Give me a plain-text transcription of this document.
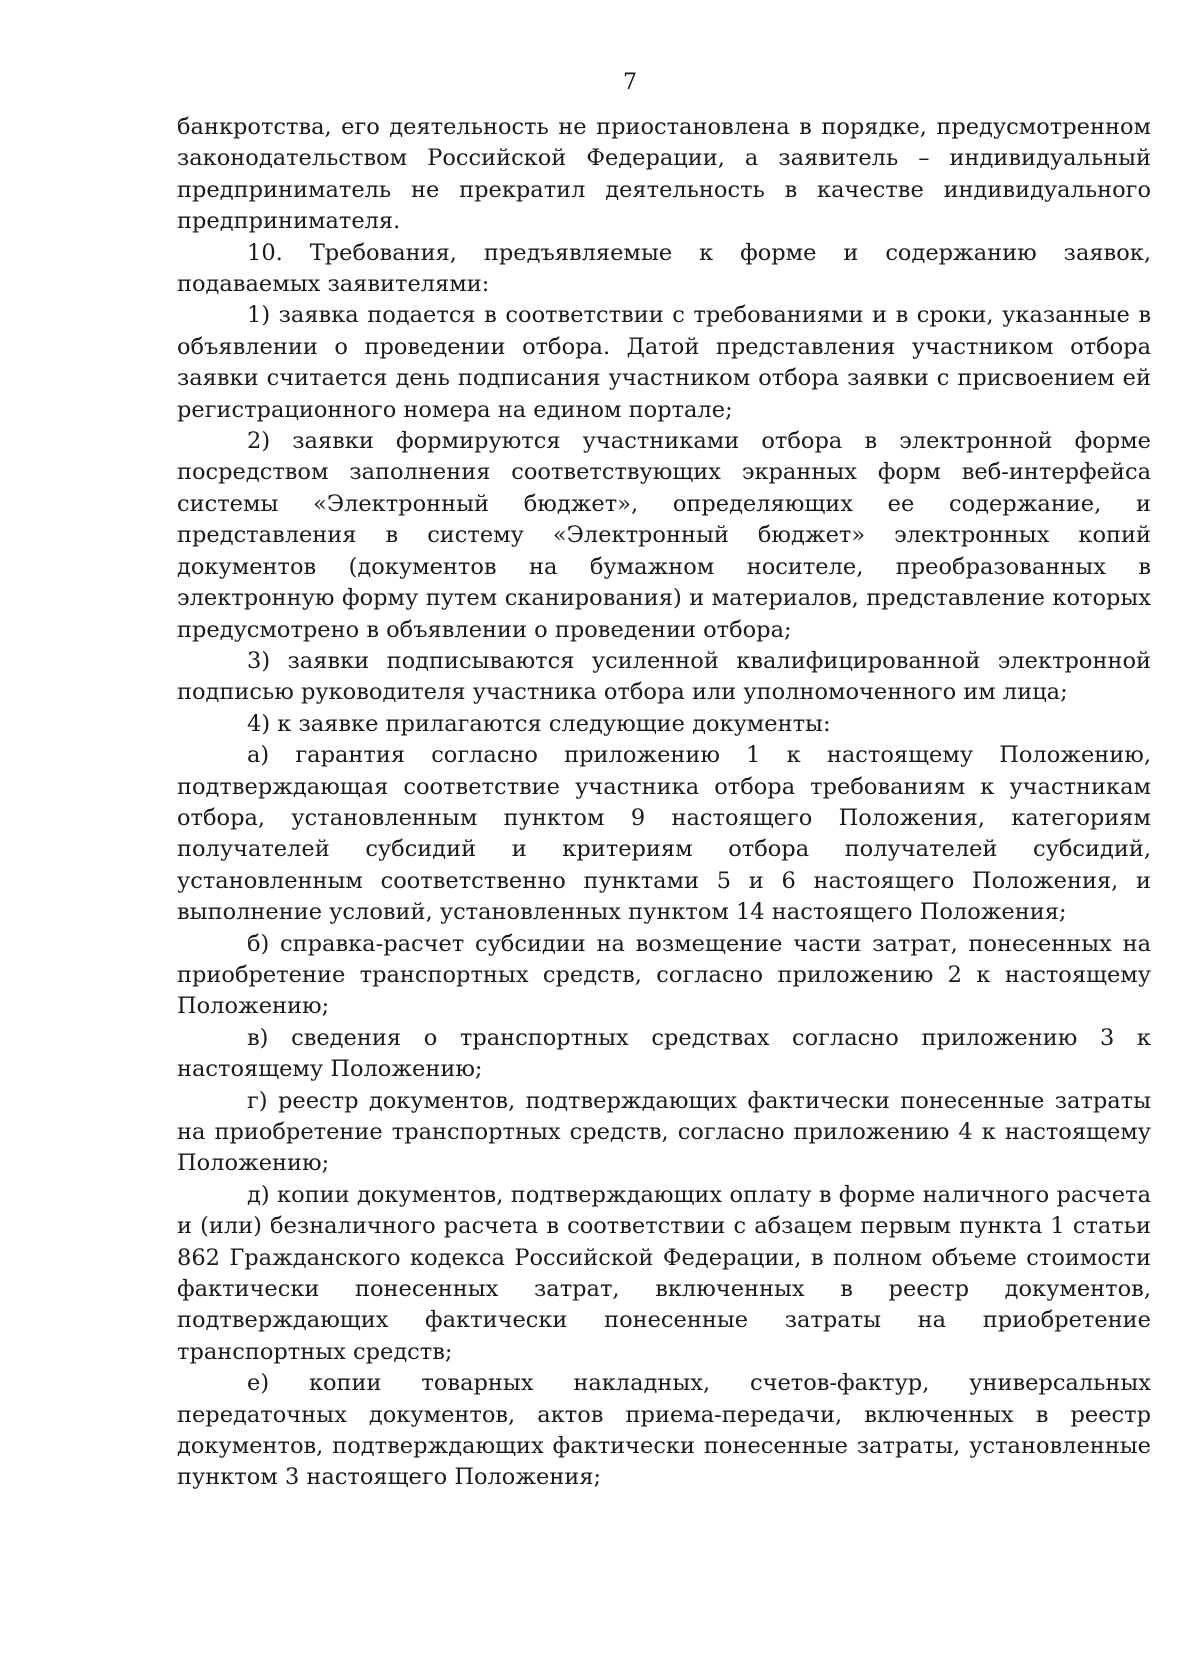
7

банкротства, его деятельность не приостановлена в порядке, предусмотренном законодательством Российской Федерации, а заявитель – индивидуальный предприниматель не прекратил деятельность в качестве индивидуального предпринимателя.

10. Требования, предъявляемые к форме и содержанию заявок, подаваемых заявителями:

1) заявка подается в соответствии с требованиями и в сроки, указанные в объявлении о проведении отбора. Датой представления участником отбора заявки считается день подписания участником отбора заявки с присвоением ей регистрационного номера на едином портале;

2) заявки формируются участниками отбора в электронной форме посредством заполнения соответствующих экранных форм веб-интерфейса системы «Электронный бюджет», определяющих ее содержание, и представления в систему «Электронный бюджет» электронных копий документов (документов на бумажном носителе, преобразованных в электронную форму путем сканирования) и материалов, представление которых предусмотрено в объявлении о проведении отбора;

3) заявки подписываются усиленной квалифицированной электронной подписью руководителя участника отбора или уполномоченного им лица;

4) к заявке прилагаются следующие документы:

а) гарантия согласно приложению 1 к настоящему Положению, подтверждающая соответствие участника отбора требованиям к участникам отбора, установленным пунктом 9 настоящего Положения, категориям получателей субсидий и критериям отбора получателей субсидий, установленным соответственно пунктами 5 и 6 настоящего Положения, и выполнение условий, установленных пунктом 14 настоящего Положения;

б) справка-расчет субсидии на возмещение части затрат, понесенных на приобретение транспортных средств, согласно приложению 2 к настоящему Положению;

в) сведения о транспортных средствах согласно приложению 3 к настоящему Положению;

г) реестр документов, подтверждающих фактически понесенные затраты на приобретение транспортных средств, согласно приложению 4 к настоящему Положению;

д) копии документов, подтверждающих оплату в форме наличного расчета и (или) безналичного расчета в соответствии с абзацем первым пункта 1 статьи 862 Гражданского кодекса Российской Федерации, в полном объеме стоимости фактически понесенных затрат, включенных в реестр документов, подтверждающих фактически понесенные затраты на приобретение транспортных средств;

е) копии товарных накладных, счетов-фактур, универсальных передаточных документов, актов приема-передачи, включенных в реестр документов, подтверждающих фактически понесенные затраты, установленные пунктом 3 настоящего Положения;
